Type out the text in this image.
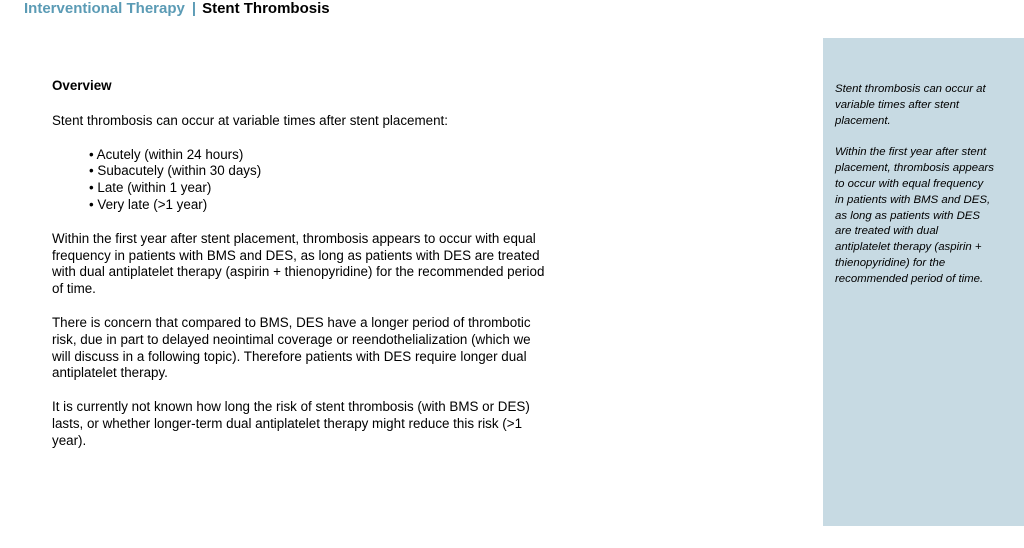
Interventional Therapy | Stent Thrombosis
Overview

Stent thrombosis can occur at variable times after stent placement:

• Acutely (within 24 hours)
• Subacutely (within 30 days)
• Late (within 1 year)
• Very late (>1 year)

Within the first year after stent placement, thrombosis appears to occur with equal frequency in patients with BMS and DES, as long as patients with DES are treated with dual antiplatelet therapy (aspirin + thienopyridine) for the recommended period of time.

There is concern that compared to BMS, DES have a longer period of thrombotic risk, due in part to delayed neointimal coverage or reendothelialization (which we will discuss in a following topic). Therefore patients with DES require longer dual antiplatelet therapy.

It is currently not known how long the risk of stent thrombosis (with BMS or DES) lasts, or whether longer-term dual antiplatelet therapy might reduce this risk (>1 year).

Stent thrombosis can occur at variable times after stent placement.

Within the first year after stent placement, thrombosis appears to occur with equal frequency in patients with BMS and DES, as long as patients with DES are treated with dual antiplatelet therapy (aspirin + thienopyridine) for the recommended period of time.
